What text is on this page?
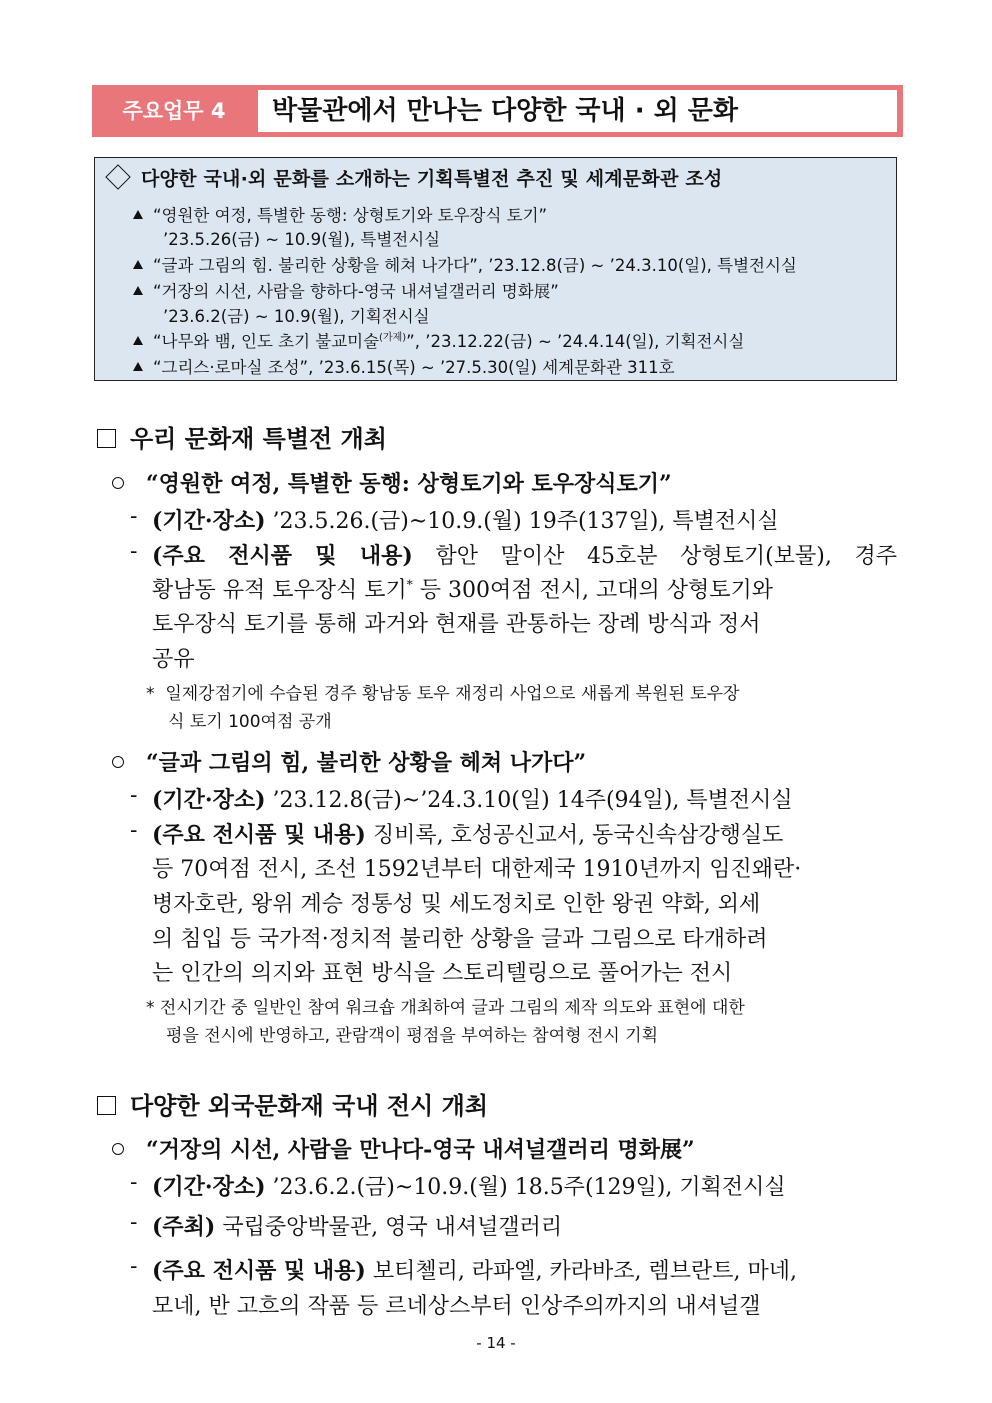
주요업무 4	박물관에서 만나는 다양한 국내 · 외 문화
다양한 국내·외 문화를 소개하는 기획특별전 추진 및 세계문화관 조성
“영원한 여정, 특별한 동행: 상형토기와 토우장식 토기”
’23.5.26(금) ~ 10.9(월), 특별전시실
“글과 그림의 힘. 불리한 상황을 헤쳐 나가다”, ’23.12.8(금) ~ ’24.3.10(일), 특별전시실
“거장의 시선, 사람을 향하다-영국 내셔널갤러리 명화展”
’23.6.2(금) ~ 10.9(월), 기획전시실
“나무와 뱀, 인도 초기 불교미술$^{(가제)}$”, ’23.12.22(금) ~ ’24.4.14(일), 기획전시실
“그리스·로마실 조성”, ’23.6.15(목) ~ ’27.5.30(일) 세계문화관 311호
우리 문화재 특별전 개최
“영원한 여정, 특별한 동행: 상형토기와 토우장식토기”
- (기간·장소) ’23.5.26.(금)~10.9.(월) 19주(137일), 특별전시실
- (주요 전시품 및 내용) 함안 말이산 45호분 상형토기(보물), 경주
황남동 유적 토우장식 토기* 등 300여점 전시, 고대의 상형토기와
토우장식 토기를 통해 과거와 현재를 관통하는 장례 방식과 정서
공유
* 일제강점기에 수습된 경주 황남동 토우 재정리 사업으로 새롭게 복원된 토우장
식 토기 100여점 공개
“글과 그림의 힘, 불리한 상황을 헤쳐 나가다”
- (기간·장소) ’23.12.8(금)~’24.3.10(일) 14주(94일), 특별전시실
- (주요 전시품 및 내용) 징비록, 호성공신교서, 동국신속삼강행실도
등 70여점 전시, 조선 1592년부터 대한제국 1910년까지 임진왜란·
병자호란, 왕위 계승 정통성 및 세도정치로 인한 왕권 약화, 외세
의 침입 등 국가적·정치적 불리한 상황을 글과 그림으로 타개하려
는 인간의 의지와 표현 방식을 스토리텔링으로 풀어가는 전시
* 전시기간 중 일반인 참여 워크숍 개최하여 글과 그림의 제작 의도와 표현에 대한
평을 전시에 반영하고, 관람객이 평점을 부여하는 참여형 전시 기획
다양한 외국문화재 국내 전시 개최
“거장의 시선, 사람을 만나다-영국 내셔널갤러리 명화展”
- (기간·장소) ’23.6.2.(금)~10.9.(월) 18.5주(129일), 기획전시실
- (주최) 국립중앙박물관, 영국 내셔널갤러리
- (주요 전시품 및 내용) 보티첼리, 라파엘, 카라바조, 렘브란트, 마네,
모네, 반 고흐의 작품 등 르네상스부터 인상주의까지의 내셔널갤
- 14 -
